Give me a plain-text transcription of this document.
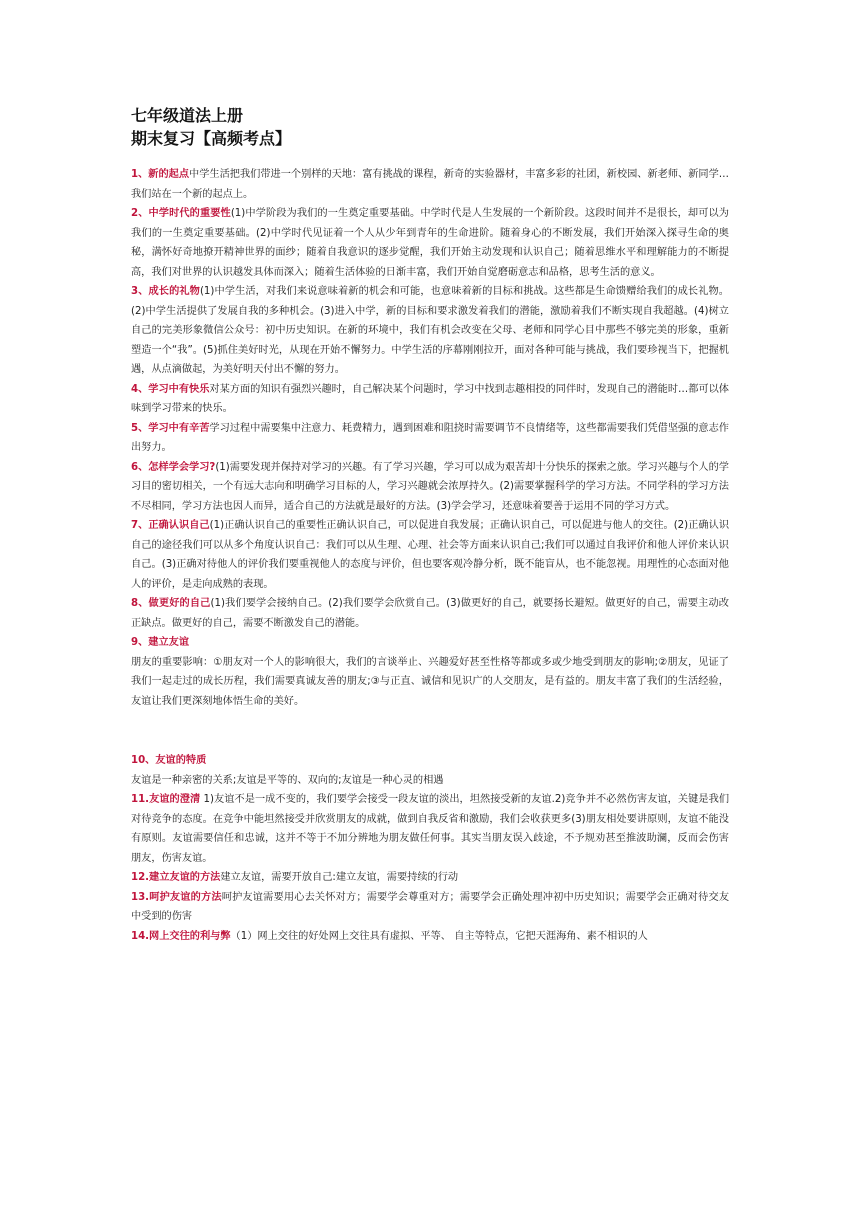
七年级道法上册

期末复习【高频考点】

1、新的起点中学生活把我们带进一个别样的天地：富有挑战的课程，新奇的实验器材，丰富多彩的社团，新校园、新老师、新同学…我们站在一个新的起点上。

2、中学时代的重要性(1)中学阶段为我们的一生奠定重要基础。中学时代是人生发展的一个新阶段。这段时间并不是很长，却可以为我们的一生奠定重要基础。(2)中学时代见证着一个人从少年到青年的生命进阶。随着身心的不断发展，我们开始深入探寻生命的奥秘，满怀好奇地撩开精神世界的面纱；随着自我意识的逐步觉醒，我们开始主动发现和认识自己；随着思维水平和理解能力的不断提高，我们对世界的认识越发具体而深入；随着生活体验的日渐丰富，我们开始自觉磨砺意志和品格，思考生活的意义。

3、成长的礼物(1)中学生活，对我们来说意味着新的机会和可能，也意味着新的目标和挑战。这些都是生命馈赠给我们的成长礼物。(2)中学生活提供了发展自我的多种机会。(3)进入中学，新的目标和要求激发着我们的潜能，激励着我们不断实现自我超越。(4)树立自己的完美形象微信公众号：初中历史知识。在新的环境中，我们有机会改变在父母、老师和同学心目中那些不够完美的形象，重新塑造一个“我”。(5)抓住美好时光，从现在开始不懈努力。中学生活的序幕刚刚拉开，面对各种可能与挑战，我们要珍视当下，把握机遇，从点滴做起，为美好明天付出不懈的努力。

4、学习中有快乐对某方面的知识有强烈兴趣时，自己解决某个问题时，学习中找到志趣相投的同伴时，发现自己的潜能时…都可以体味到学习带来的快乐。

5、学习中有辛苦学习过程中需要集中注意力、耗费精力，遇到困难和阻挠时需要调节不良情绪等，这些都需要我们凭借坚强的意志作出努力。

6、怎样学会学习?(1)需要发现并保持对学习的兴趣。有了学习兴趣，学习可以成为艰苦却十分快乐的探索之旅。学习兴趣与个人的学习目的密切相关，一个有远大志向和明确学习目标的人，学习兴趣就会浓厚持久。(2)需要掌握科学的学习方法。不同学科的学习方法不尽相同，学习方法也因人而异，适合自己的方法就是最好的方法。(3)学会学习，还意味着要善于运用不同的学习方式。

7、正确认识自己(1)正确认识自己的重要性正确认识自己，可以促进自我发展；正确认识自己，可以促进与他人的交往。(2)正确认识自己的途径我们可以从多个角度认识自己：我们可以从生理、心理、社会等方面来认识自己;我们可以通过自我评价和他人评价来认识自己。(3)正确对待他人的评价我们要重视他人的态度与评价，但也要客观冷静分析，既不能盲从，也不能忽视。用理性的心态面对他人的评价，是走向成熟的表现。

8、做更好的自己(1)我们要学会接纳自己。(2)我们要学会欣赏自己。(3)做更好的自己，就要扬长避短。做更好的自己，需要主动改正缺点。做更好的自己，需要不断激发自己的潜能。

9、建立友谊

朋友的重要影响：①朋友对一个人的影响很大，我们的言谈举止、兴趣爱好甚至性格等都或多或少地受到朋友的影响;②朋友，见证了我们一起走过的成长历程，我们需要真诚友善的朋友;③与正直、诚信和见识广的人交朋友，是有益的。朋友丰富了我们的生活经验，友谊让我们更深刻地体悟生命的美好。

10、友谊的特质

友谊是一种亲密的关系;友谊是平等的、双向的;友谊是一种心灵的相遇

11.友谊的澄清 1)友谊不是一成不变的，我们要学会接受一段友谊的淡出，坦然接受新的友谊.2)竞争并不必然伤害友谊，关键是我们对待竞争的态度。在竞争中能坦然接受并欣赏朋友的成就，做到自我反省和激励，我们会收获更多(3)朋友相处要讲原则，友谊不能没有原则。友谊需要信任和忠诚，这并不等于不加分辨地为朋友做任何事。其实当朋友误入歧途，不予规劝甚至推波助澜，反而会伤害朋友，伤害友谊。

12.建立友谊的方法建立友谊，需要开放自己:建立友谊，需要持续的行动

13.呵护友谊的方法呵护友谊需要用心去关怀对方；需要学会尊重对方；需要学会正确处理冲初中历史知识；需要学会正确对待交友中受到的伤害

14.网上交往的利与弊（1）网上交往的好处网上交往具有虚拟、平等、 自主等特点，它把天涯海角、素不相识的人
